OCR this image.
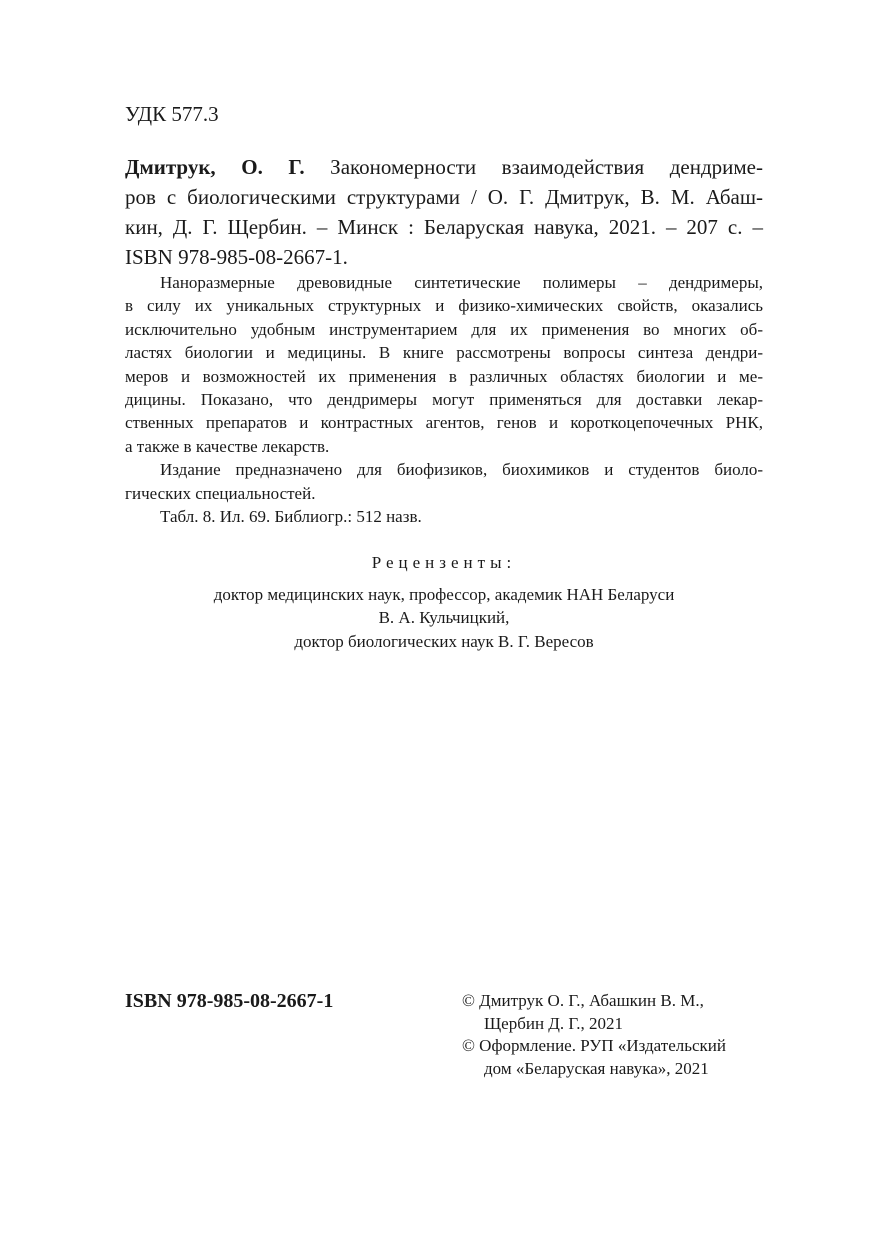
УДК 577.3
Дмитрук, О. Г. Закономерности взаимодействия дендриме-
ров с биологическими структурами / О. Г. Дмитрук, В. М. Абаш-
кин, Д. Г. Щербин. – Минск : Беларуская навука, 2021. – 207 с. –
ISBN 978-985-08-2667-1.
Наноразмерные древовидные синтетические полимеры – дендримеры,
в силу их уникальных структурных и физико-химических свойств, оказались
исключительно удобным инструментарием для их применения во многих об-
ластях биологии и медицины. В книге рассмотрены вопросы синтеза дендри-
меров и возможностей их применения в различных областях биологии и ме-
дицины. Показано, что дендримеры могут применяться для доставки лекар-
ственных препаратов и контрастных агентов, генов и короткоцепочечных РНК,
а также в качестве лекарств.
Издание предназначено для биофизиков, биохимиков и студентов биоло-
гических специальностей.
Табл. 8. Ил. 69. Библиогр.: 512 назв.
Рецензенты:
доктор медицинских наук, профессор, академик НАН Беларуси
В. А. Кульчицкий,
доктор биологических наук В. Г. Вересов
ISBN 978-985-08-2667-1	© Дмитрук О. Г., Абашкин В. М.,
Щербин Д. Г., 2021
© Оформление. РУП «Издательский
дом «Беларуская навука», 2021
